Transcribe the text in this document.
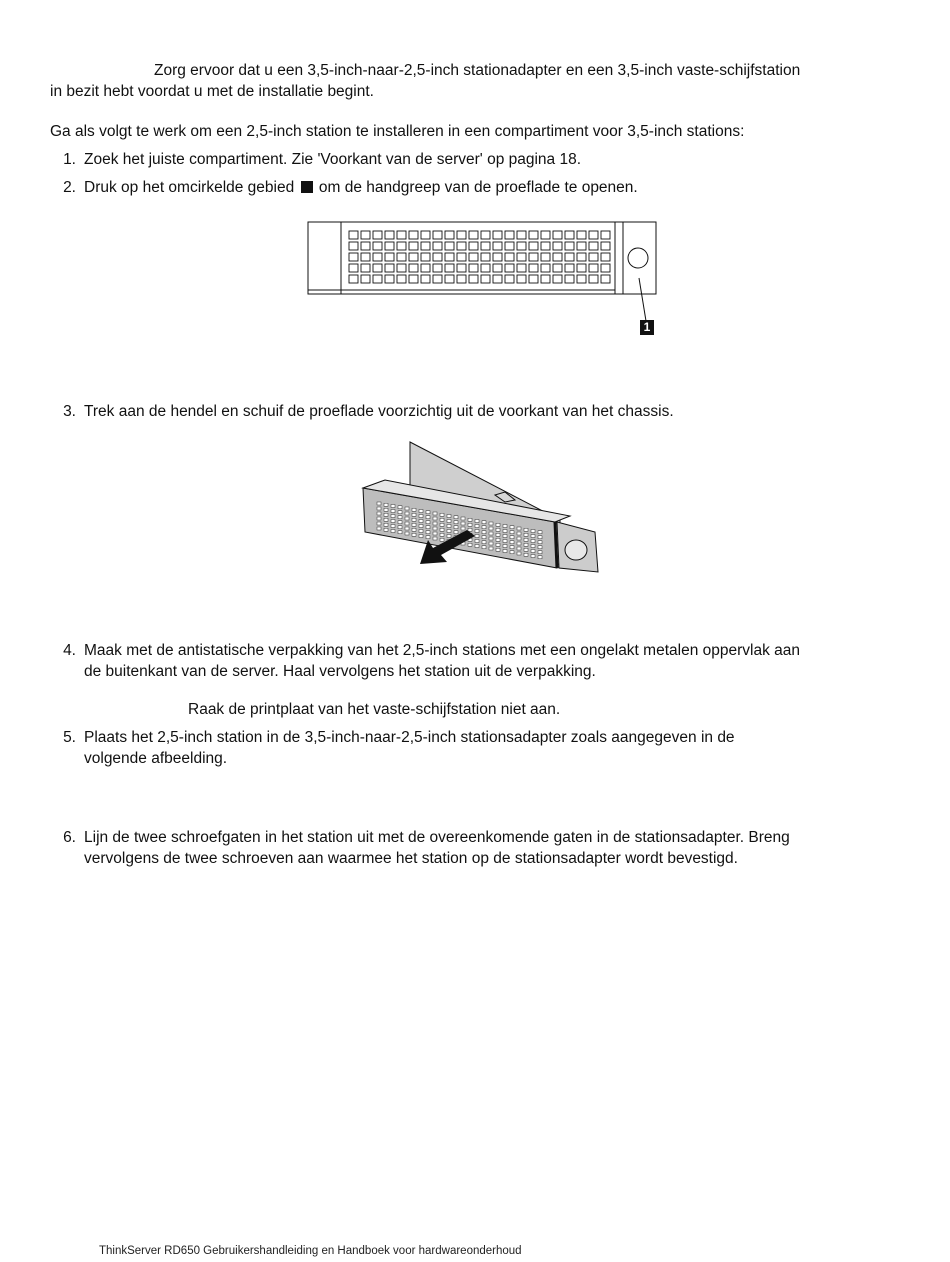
Zorg ervoor dat u een 3,5-inch-naar-2,5-inch stationadapter en een 3,5-inch vaste-schijfstation
in bezit hebt voordat u met de installatie begint.
Ga als volgt te werk om een 2,5-inch station te installeren in een compartiment voor 3,5-inch stations:
1. Zoek het juiste compartiment. Zie 'Voorkant van de server' op pagina 18.
2. Druk op het omcirkelde gebied om de handgreep van de proeflade te openen.
1
3. Trek aan de hendel en schuif de proeflade voorzichtig uit de voorkant van het chassis.
4. Maak met de antistatische verpakking van het 2,5-inch stations met een ongelakt metalen oppervlak aan
de buitenkant van de server. Haal vervolgens het station uit de verpakking.
Raak de printplaat van het vaste-schijfstation niet aan.
5. Plaats het 2,5-inch station in de 3,5-inch-naar-2,5-inch stationsadapter zoals aangegeven in de
volgende afbeelding.
6. Lijn de twee schroefgaten in het station uit met de overeenkomende gaten in de stationsadapter. Breng
vervolgens de twee schroeven aan waarmee het station op de stationsadapter wordt bevestigd.
ThinkServer RD650 Gebruikershandleiding en Handboek voor hardwareonderhoud
